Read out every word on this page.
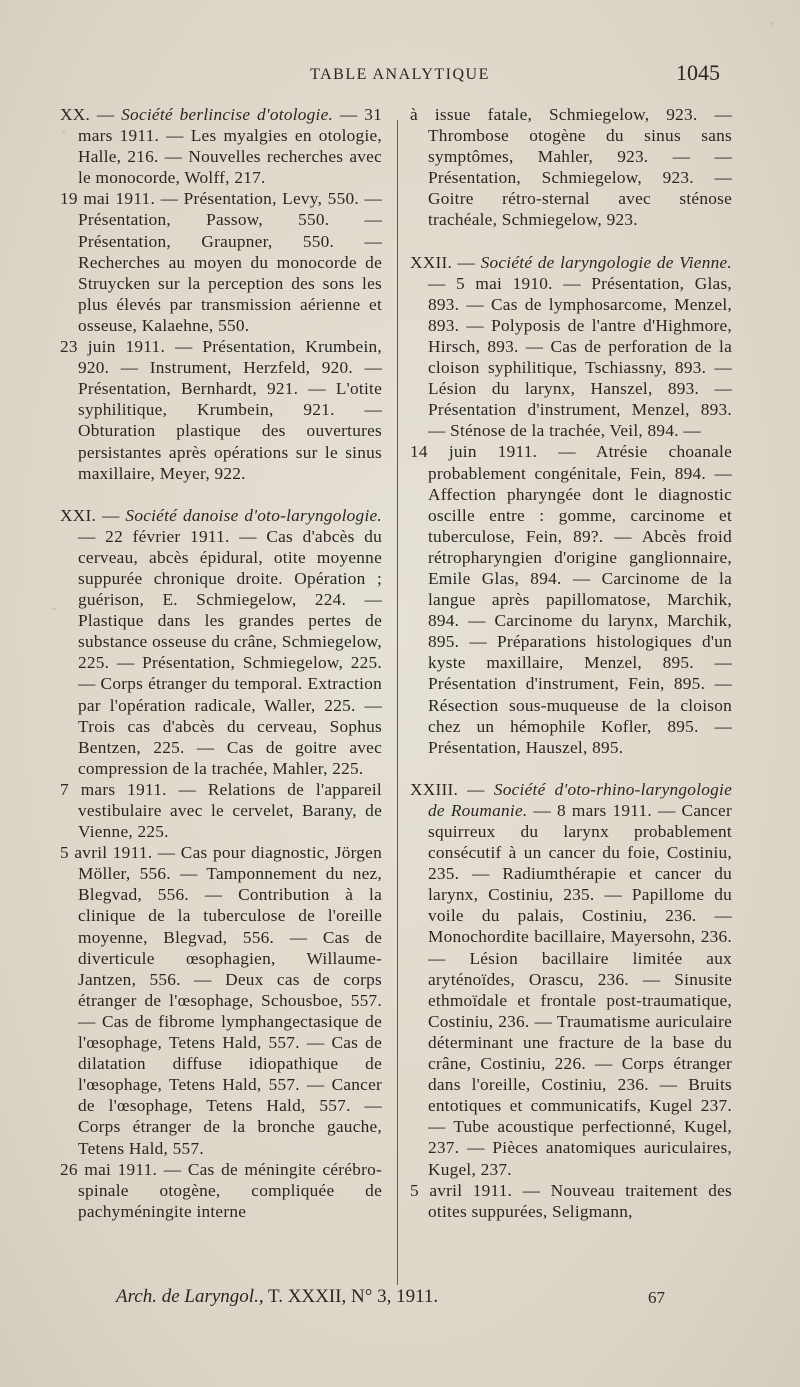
TABLE ANALYTIQUE	1045

XX. — Société berlincise d'otologie. — 31 mars 1911. — Les myalgies en otologie, Halle, 216. — Nouvelles recherches avec le monocorde, Wolff, 217.

19 mai 1911. — Présentation, Levy, 550. — Présentation, Passow, 550. — Présentation, Graupner, 550. — Recherches au moyen du monocorde de Struycken sur la perception des sons les plus élevés par transmission aérienne et osseuse, Kalaehne, 550.

23 juin 1911. — Présentation, Krumbein, 920. — Instrument, Herzfeld, 920. — Présentation, Bernhardt, 921. — L'otite syphilitique, Krumbein, 921. — Obturation plastique des ouvertures persistantes après opérations sur le sinus maxillaire, Meyer, 922.

XXI. — Société danoise d'oto-laryngologie. — 22 février 1911. — Cas d'abcès du cerveau, abcès épidural, otite moyenne suppurée chronique droite. Opération ; guérison, E. Schmiegelow, 224. — Plastique dans les grandes pertes de substance osseuse du crâne, Schmiegelow, 225. — Présentation, Schmiegelow, 225. — Corps étranger du temporal. Extraction par l'opération radicale, Waller, 225. — Trois cas d'abcès du cerveau, Sophus Bentzen, 225. — Cas de goitre avec compression de la trachée, Mahler, 225.

7 mars 1911. — Relations de l'appareil vestibulaire avec le cervelet, Barany, de Vienne, 225.

5 avril 1911. — Cas pour diagnostic, Jörgen Möller, 556. — Tamponnement du nez, Blegvad, 556. — Contribution à la clinique de la tuberculose de l'oreille moyenne, Blegvad, 556. — Cas de diverticule œsophagien, Willaume-Jantzen, 556. — Deux cas de corps étranger de l'œsophage, Schousboe, 557. — Cas de fibrome lymphangectasique de l'œsophage, Tetens Hald, 557. — Cas de dilatation diffuse idiopathique de l'œsophage, Tetens Hald, 557. — Cancer de l'œsophage, Tetens Hald, 557. — Corps étranger de la bronche gauche, Tetens Hald, 557.

26 mai 1911. — Cas de méningite cérébro-spinale otogène, compliquée de pachyméningite interne

à issue fatale, Schmiegelow, 923. — Thrombose otogène du sinus sans symptômes, Mahler, 923. — — Présentation, Schmiegelow, 923. — Goitre rétro-sternal avec sténose trachéale, Schmiegelow, 923.

XXII. — Société de laryngologie de Vienne. — 5 mai 1910. — Présentation, Glas, 893. — Cas de lymphosarcome, Menzel, 893. — Polyposis de l'antre d'Highmore, Hirsch, 893. — Cas de perforation de la cloison syphilitique, Tschiassny, 893. — Lésion du larynx, Hanszel, 893. — Présentation d'instrument, Menzel, 893. — Sténose de la trachée, Veil, 894. —

14 juin 1911. — Atrésie choanale probablement congénitale, Fein, 894. — Affection pharyngée dont le diagnostic oscille entre : gomme, carcinome et tuberculose, Fein, 89?. — Abcès froid rétropharyngien d'origine ganglionnaire, Emile Glas, 894. — Carcinome de la langue après papillomatose, Marchik, 894. — Carcinome du larynx, Marchik, 895. — Préparations histologiques d'un kyste maxillaire, Menzel, 895. — Présentation d'instrument, Fein, 895. — Résection sous-muqueuse de la cloison chez un hémophile Kofler, 895. — Présentation, Hauszel, 895.

XXIII. — Société d'oto-rhino-laryngologie de Roumanie. — 8 mars 1911. — Cancer squirreux du larynx probablement consécutif à un cancer du foie, Costiniu, 235. — Radiumthérapie et cancer du larynx, Costiniu, 235. — Papillome du voile du palais, Costiniu, 236. — Monochordite bacillaire, Mayersohn, 236. — Lésion bacillaire limitée aux aryténoïdes, Orascu, 236. — Sinusite ethmoïdale et frontale post-traumatique, Costiniu, 236. — Traumatisme auriculaire déterminant une fracture de la base du crâne, Costiniu, 226. — Corps étranger dans l'oreille, Costiniu, 236. — Bruits entotiques et communicatifs, Kugel 237. — Tube acoustique perfectionné, Kugel, 237. — Pièces anatomiques auriculaires, Kugel, 237.

5 avril 1911. — Nouveau traitement des otites suppurées, Seligmann,

Arch. de Laryngol., T. XXXII, N° 3, 1911.	67
